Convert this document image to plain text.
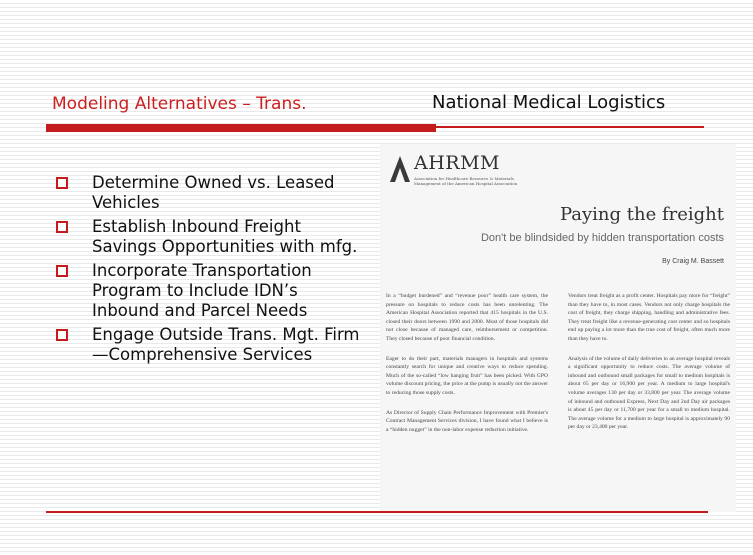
Modeling Alternatives – Trans.	National Medical Logistics
Determine Owned vs. Leased Vehicles
Establish Inbound Freight Savings Opportunities with mfg.
Incorporate Transportation Program to Include IDN’s Inbound and Parcel Needs
Engage Outside Trans. Mgt. Firm—Comprehensive Services
AHRMM
Association for Healthcare Resource & Materials Management of the American Hospital Association
Paying the freight
Don't be blindsided by hidden transportation costs
By Craig M. Bassett

In a “budget burdened” and “revenue poor” health care system, the pressure on hospitals to reduce costs has been unrelenting. The American Hospital Association reported that 415 hospitals in the U.S. closed their doors between 1990 and 2000. Most of those hospitals did not close because of managed care, reimbursement or competition. They closed because of poor financial condition.

Eager to do their part, materials managers in hospitals and systems constantly search for unique and creative ways to reduce spending. Much of the so-called “low hanging fruit” has been picked. With GPO volume discount pricing, the price at the pump is usually not the answer to reducing those supply costs.

As Director of Supply Chain Performance Improvement with Premier's Contract Management Services division, I have found what I believe is a “hidden nugget” in the non-labor expense reduction initiative.

Vendors treat freight as a profit center. Hospitals pay more for “freight” than they have to, in most cases. Vendors not only charge hospitals the cost of freight, they charge shipping, handling and administrative fees. They treat freight like a revenue-generating cost center and so hospitals end up paying a lot more than the true cost of freight, often much more than they have to.

Analysis of the volume of daily deliveries to an average hospital reveals a significant opportunity to reduce costs. The average volume of inbound and outbound small packages for small to medium hospitals is about 65 per day or 16,900 per year. A medium to large hospital's volume averages 130 per day or 33,800 per year. The average volume of inbound and outbound Express, Next Day and 2nd Day air packages is about 45 per day or 11,700 per year for a small to medium hospital. The average volume for a medium to large hospital is approximately 90 per day or 23,400 per year.
